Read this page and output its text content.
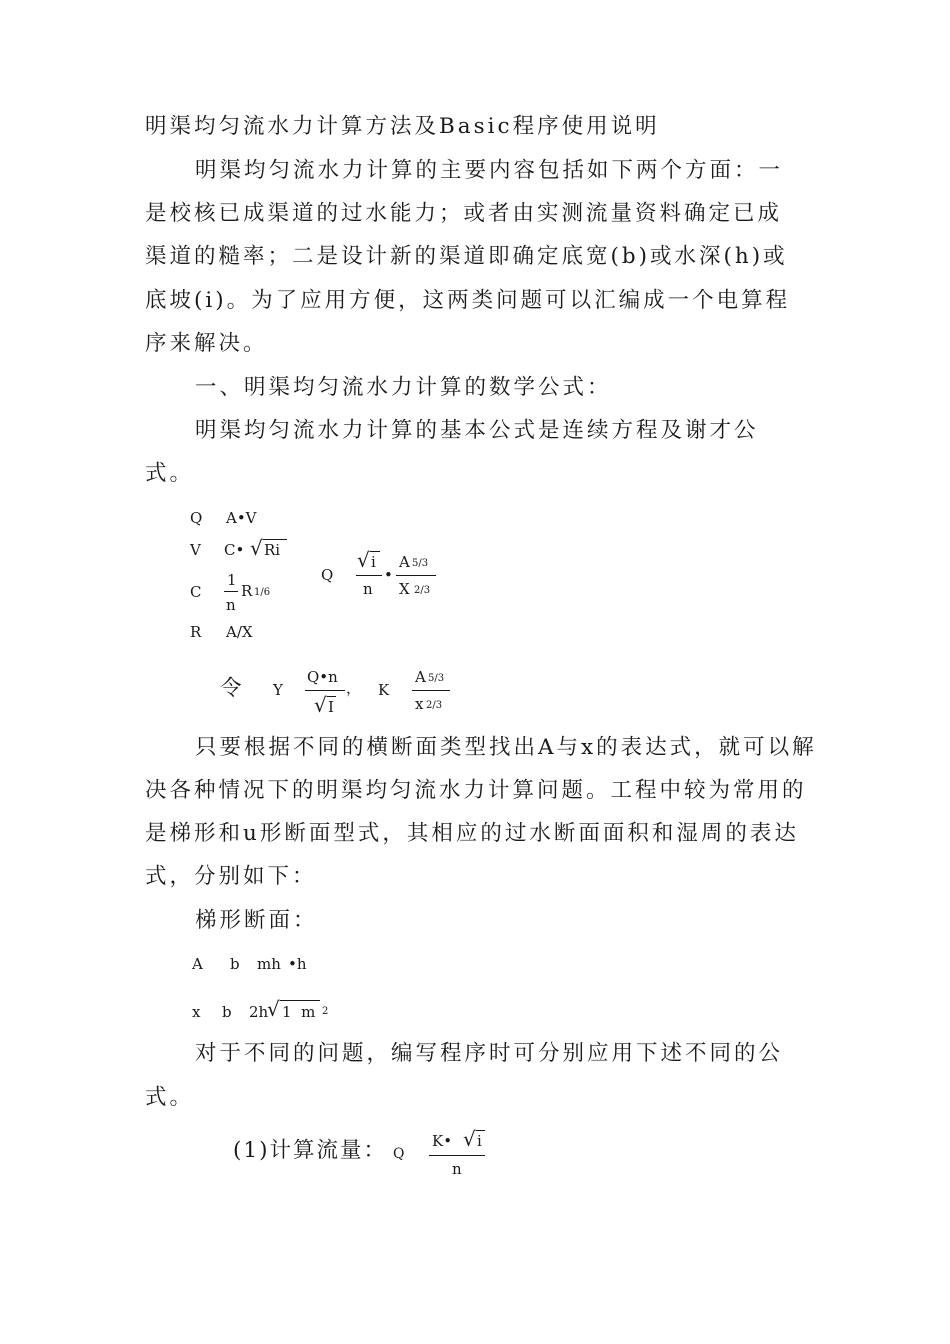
明渠均匀流水力计算方法及Basic程序使用说明
明渠均匀流水力计算的主要内容包括如下两个方面：一
是校核已成渠道的过水能力；或者由实测流量资料确定已成
渠道的糙率；二是设计新的渠道即确定底宽(b)或水深(h)或
底坡(i)。为了应用方便，这两类问题可以汇编成一个电算程
序来解决。
一、明渠均匀流水力计算的数学公式：
明渠均匀流水力计算的基本公式是连续方程及谢才公
式。
Q A•V
V C• √ Ri
C
1
n
R 1/6
R A/X
Q
√ i
n
•
A 5/3
X 2/3
令 Y
Q•n
√ I
， K
A 5/3
x 2/3
只要根据不同的横断面类型找出A与x的表达式，就可以解
决各种情况下的明渠均匀流水力计算问题。工程中较为常用的
是梯形和u形断面型式，其相应的过水断面面积和湿周的表达
式，分别如下：
梯形断面：
A b mh •h
x b 2h
√ 1  m 2
对于不同的问题，编写程序时可分别应用下述不同的公
式。
(1)计算流量： Q
K• √ i
n
